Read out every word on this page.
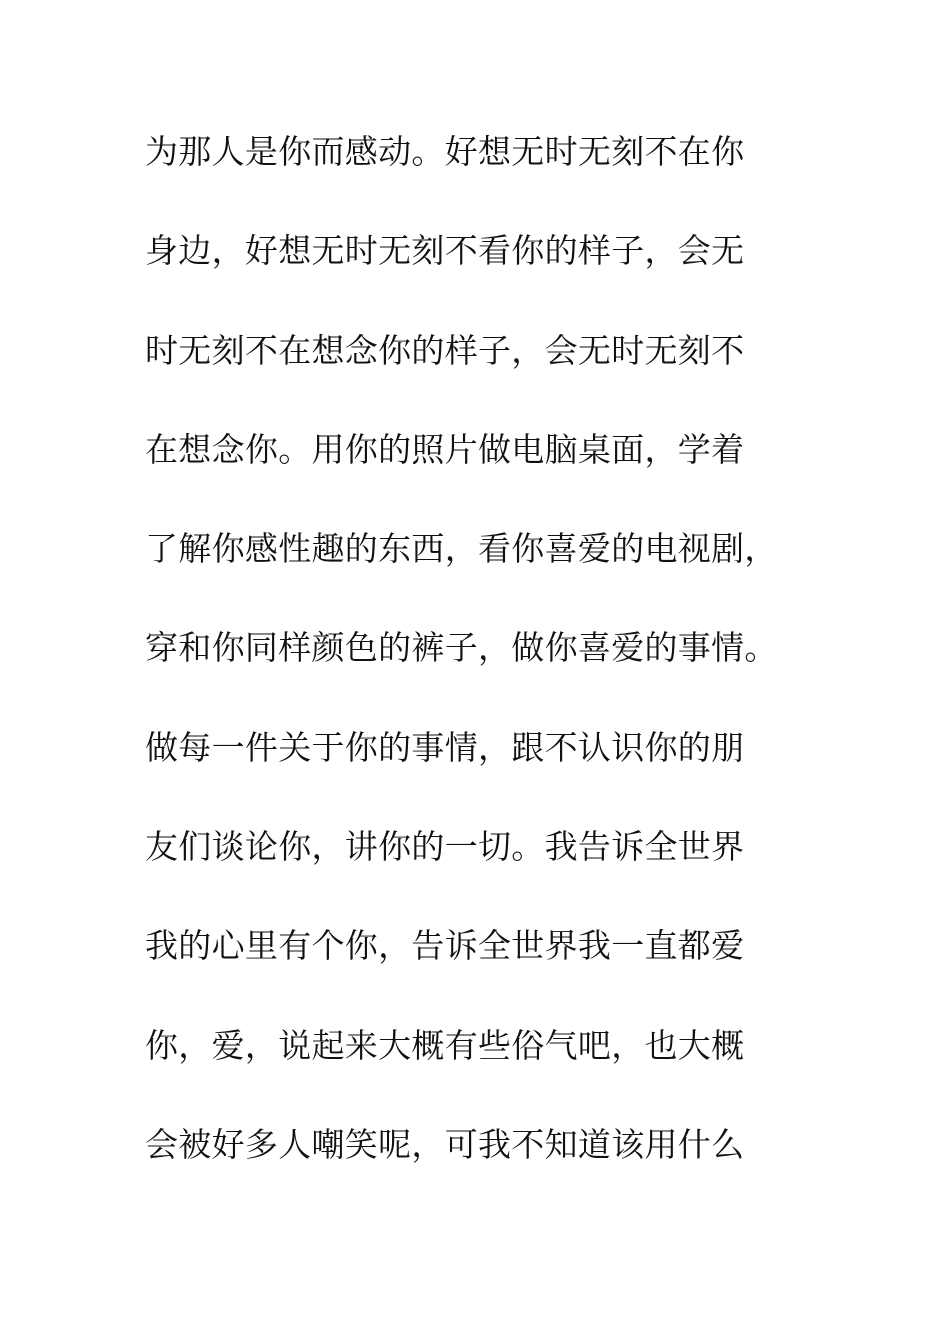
为那人是你而感动。好想无时无刻不在你
身边，好想无时无刻不看你的样子，会无
时无刻不在想念你的样子，会无时无刻不
在想念你。用你的照片做电脑桌面，学着
了解你感性趣的东西，看你喜爱的电视剧，
穿和你同样颜色的裤子，做你喜爱的事情。
做每一件关于你的事情，跟不认识你的朋
友们谈论你，讲你的一切。我告诉全世界
我的心里有个你，告诉全世界我一直都爱
你，爱，说起来大概有些俗气吧，也大概
会被好多人嘲笑呢，可我不知道该用什么
